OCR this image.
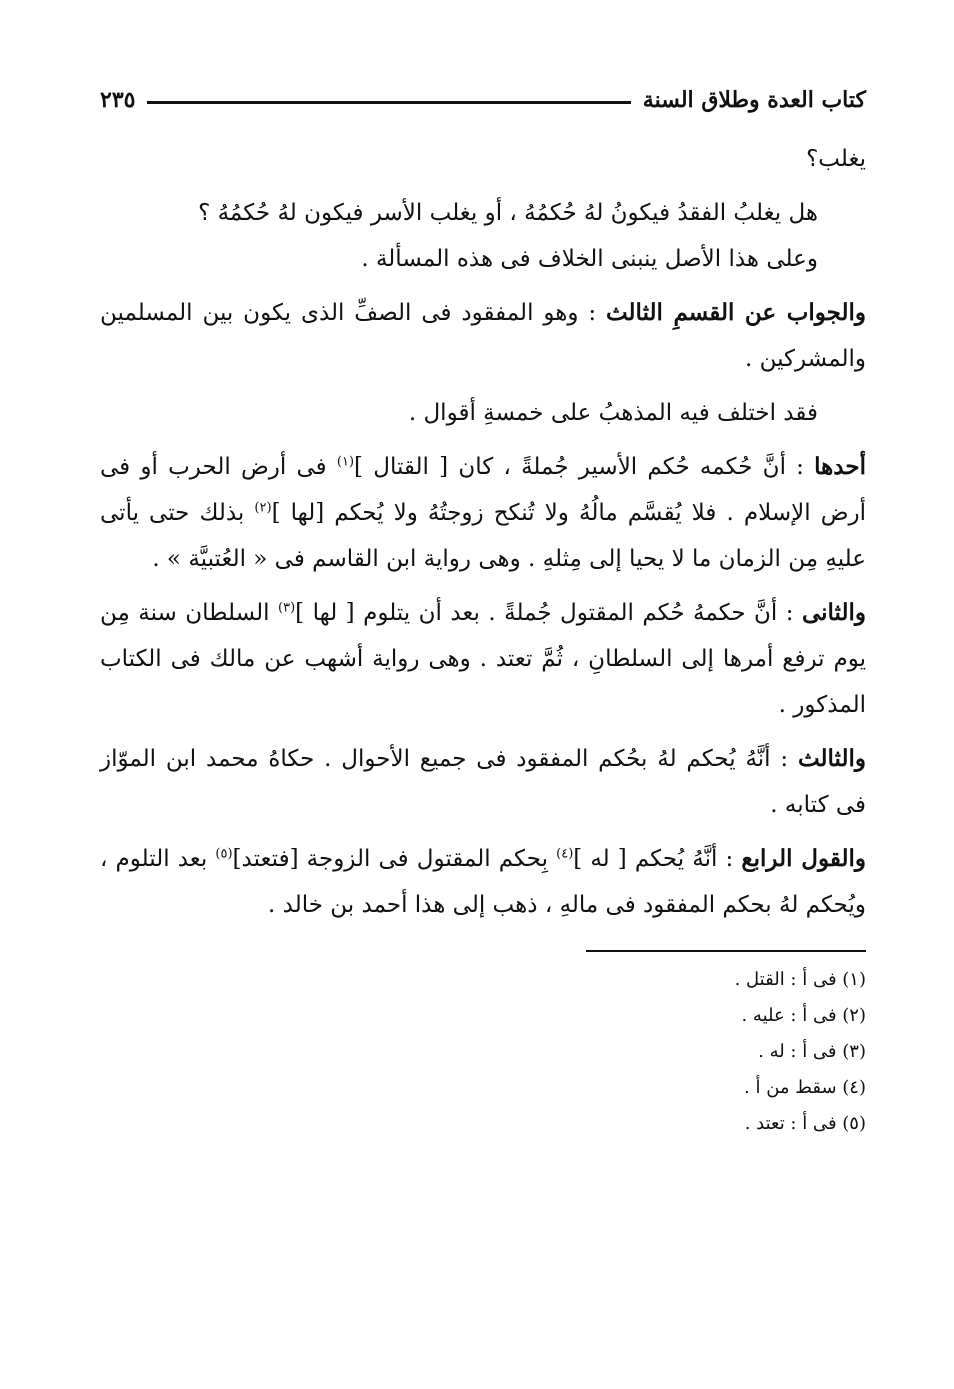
كتاب العدة وطلاق السنة
٢٣٥

يغلب؟

هل يغلبُ الفقدُ فيكونُ لهُ حُكمُهُ ، أو يغلب الأسر فيكون لهُ حُكمُهُ ؟

وعلى هذا الأصل ينبنى الخلاف فى هذه المسألة .

والجواب عن القسمِ الثالث : وهو المفقود فى الصفِّ الذى يكون بين المسلمين والمشركين .

فقد اختلف فيه المذهبُ على خمسةِ أقوال .

أحدها : أنَّ حُكمه حُكم الأسير جُملةً ، كان [ القتال ]$^{(١)}$ فى أرض الحرب أو فى أرض الإسلام . فلا يُقسَّم مالُهُ ولا تُنكح زوجتُهُ ولا يُحكم [لها ]$^{(٢)}$ بذلك حتى يأتى عليهِ مِن الزمان ما لا يحيا إلى مِثلهِ . وهى رواية ابن القاسم فى « العُتبيَّة » .

والثانى : أنَّ حكمهُ حُكم المقتول جُملةً . بعد أن يتلوم [ لها ]$^{(٣)}$ السلطان سنة مِن يوم ترفع أمرها إلى السلطانِ ، ثُمَّ تعتد . وهى رواية أشهب عن مالك فى الكتاب المذكور .

والثالث : أنَّهُ يُحكم لهُ بحُكم المفقود فى جميع الأحوال . حكاهُ محمد ابن الموّاز فى كتابه .

والقول الرابع : أنَّهُ يُحكم [ له ]$^{(٤)}$ بِحكم المقتول فى الزوجة [فتعتد]$^{(٥)}$ بعد التلوم ، ويُحكم لهُ بحكم المفقود فى مالهِ ، ذهب إلى هذا أحمد بن خالد .

(١) فى أ : القتل .
(٢) فى أ : عليه .
(٣) فى أ : له .
(٤) سقط من أ .
(٥) فى أ : تعتد .
